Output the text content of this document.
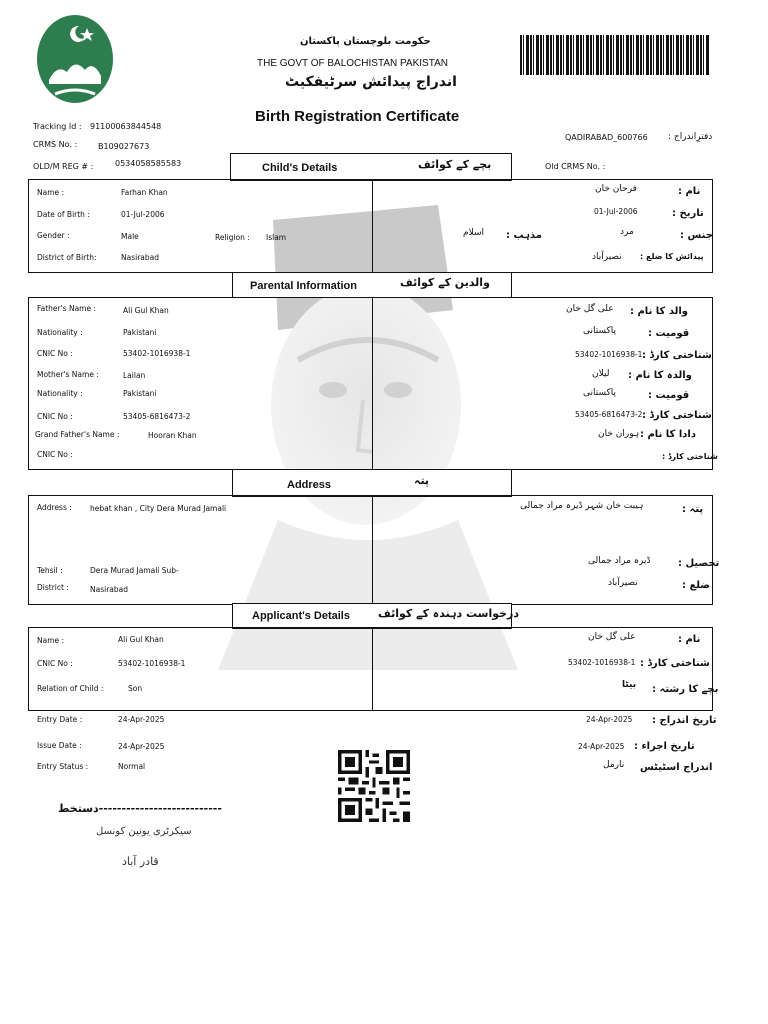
حکومت بلوچستان پاکستان
THE GOVT OF BALOCHISTAN PAKISTAN
اندراج پیدائش سرٹیفکیٹ
Birth Registration Certificate
Tracking Id : 91100063844548
CRMS No. :	B109027673
OLD/M REG # :	0534058585583
QADIRABAD_600766 دفترِاندراج :
Old CRMS No. :
Child's Details	بچے کے کوائف
Name :	Farhan Khan
Date of Birth :	01-Jul-2006
Gender :	Male	Religion : Islam
District of Birth:	Nasirabad
نام :
فرحان خان
تاریخ :
01-Jul-2006
جنس :
مرد
مذہب :
اسلام
پیدائش کا ضلع :
نصیرآباد
Parental Information	والدین کے کوائف
Father's Name :	Ali Gul Khan
Nationality :	Pakistani
CNIC No :	53402-1016938-1
Mother's Name :	Lailan
Nationality :	Pakistani
CNIC No :	53405-6816473-2
Grand Father's Name :	Hooran Khan
CNIC No :
والد کا نام :
علی گل خان
قومیت :
پاکستانی
شناختی کارڈ :
53402-1016938-1
والدہ کا نام :
لیلان
قومیت :
پاکستانی
شناختی کارڈ :
53405-6816473-2
دادا کا نام :
ہوران خان
شناختی کارڈ :
Address	پتہ
Address : hebat khan , City Dera Murad Jamali
Tehsil :	Dera Murad Jamali Sub-
District :	Nasirabad
پتہ :
ہیبت خان شہر ڈیرہ مراد جمالی
تحصیل :
ڈیرہ مراد جمالی
ضلع :
نصیرآباد
Applicant's Details	درخواست دہندہ کے کوائف
Name :	Ali Gul Khan
CNIC No :	53402-1016938-1
Relation of Child :	Son
نام :
علی گل خان
شناختی کارڈ :
53402-1016938-1
بچے کا رشتہ :
بیٹا
Entry Date :	24-Apr-2025
Issue Date :	24-Apr-2025
Entry Status :	Normal
تاریخ اندراج :
24-Apr-2025
تاریخ اجراء :
24-Apr-2025
اندراج اسٹیٹس
نارمل
دستخط---------------------------
سیکرٹری یونین کونسل
قادر آباد
